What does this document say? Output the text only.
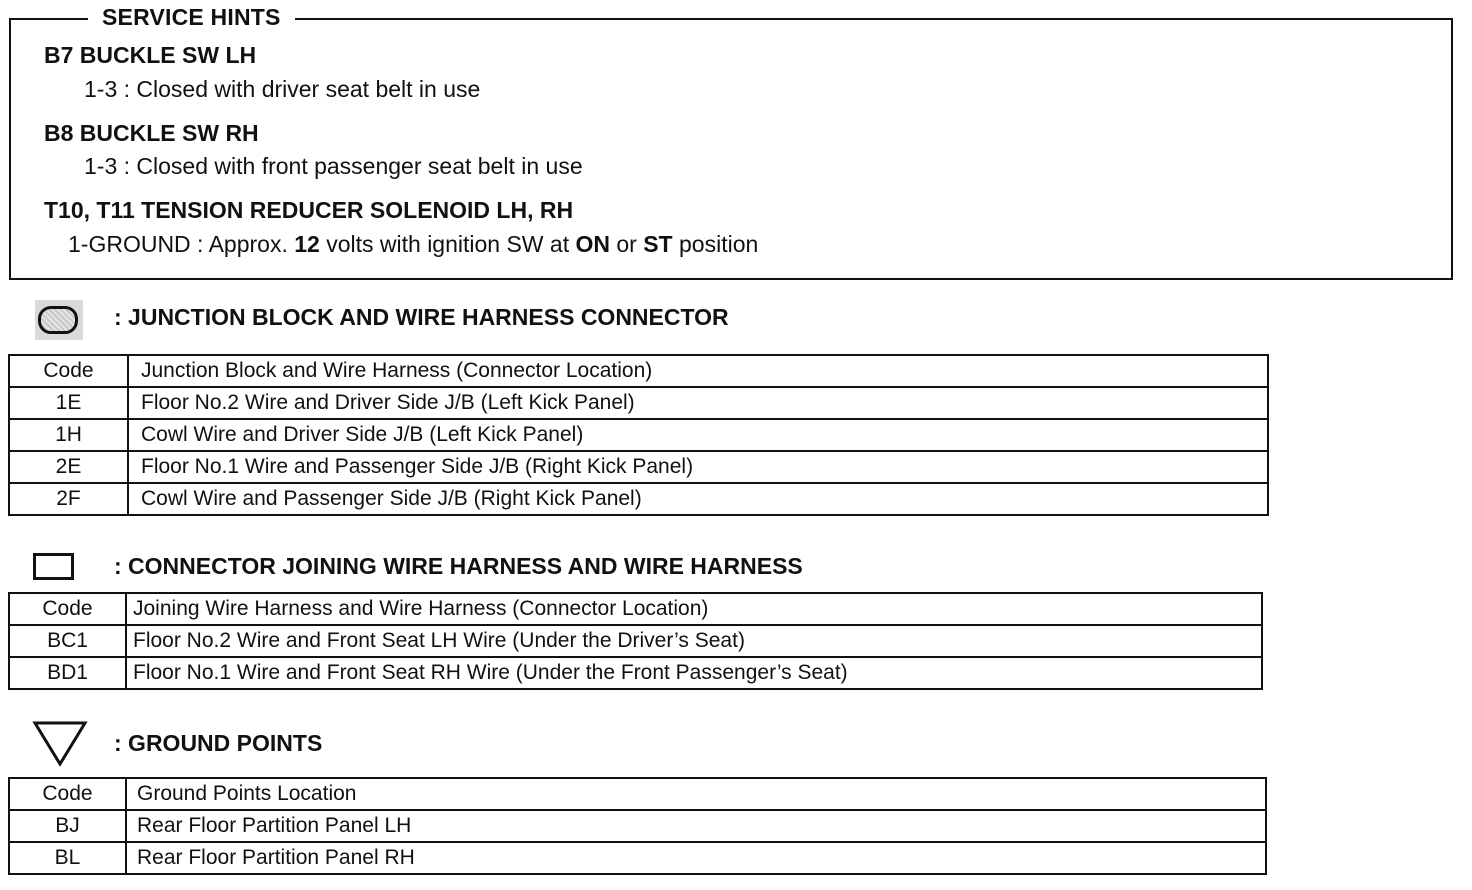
SERVICE HINTS
B7 BUCKLE SW LH
1-3 : Closed with driver seat belt in use
B8 BUCKLE SW RH
1-3 : Closed with front passenger seat belt in use
T10, T11 TENSION REDUCER SOLENOID LH, RH
1-GROUND : Approx. 12 volts with ignition SW at ON or ST position
: JUNCTION BLOCK AND WIRE HARNESS CONNECTOR
Code	Junction Block and Wire Harness (Connector Location)
1E	Floor No.2 Wire and Driver Side J/B (Left Kick Panel)
1H	Cowl Wire and Driver Side J/B (Left Kick Panel)
2E	Floor No.1 Wire and Passenger Side J/B (Right Kick Panel)
2F	Cowl Wire and Passenger Side J/B (Right Kick Panel)
: CONNECTOR JOINING WIRE HARNESS AND WIRE HARNESS
Code	Joining Wire Harness and Wire Harness (Connector Location)
BC1	Floor No.2 Wire and Front Seat LH Wire (Under the Driver’s Seat)
BD1	Floor No.1 Wire and Front Seat RH Wire (Under the Front Passenger’s Seat)
: GROUND POINTS
Code	Ground Points Location
BJ	Rear Floor Partition Panel LH
BL	Rear Floor Partition Panel RH
